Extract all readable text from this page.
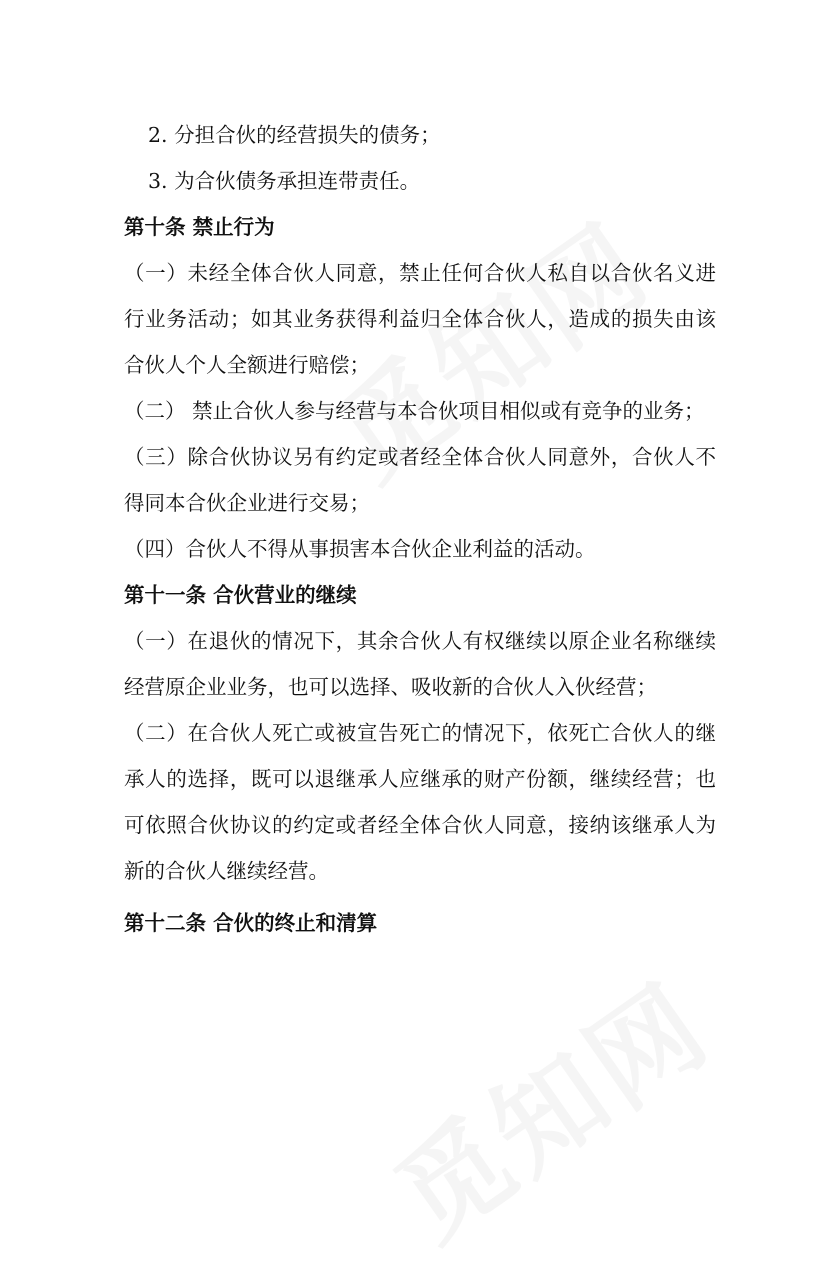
2. 分担合伙的经营损失的债务；

3. 为合伙债务承担连带责任。

第十条 禁止行为

（一）未经全体合伙人同意，禁止任何合伙人私自以合伙名义进行业务活动；如其业务获得利益归全体合伙人，造成的损失由该合伙人个人全额进行赔偿；

（二） 禁止合伙人参与经营与本合伙项目相似或有竞争的业务；

（三）除合伙协议另有约定或者经全体合伙人同意外，合伙人不得同本合伙企业进行交易；

（四）合伙人不得从事损害本合伙企业利益的活动。

第十一条 合伙营业的继续

（一）在退伙的情况下，其余合伙人有权继续以原企业名称继续经营原企业业务，也可以选择、吸收新的合伙人入伙经营；

（二）在合伙人死亡或被宣告死亡的情况下，依死亡合伙人的继承人的选择，既可以退继承人应继承的财产份额，继续经营；也可依照合伙协议的约定或者经全体合伙人同意，接纳该继承人为新的合伙人继续经营。

第十二条 合伙的终止和清算
